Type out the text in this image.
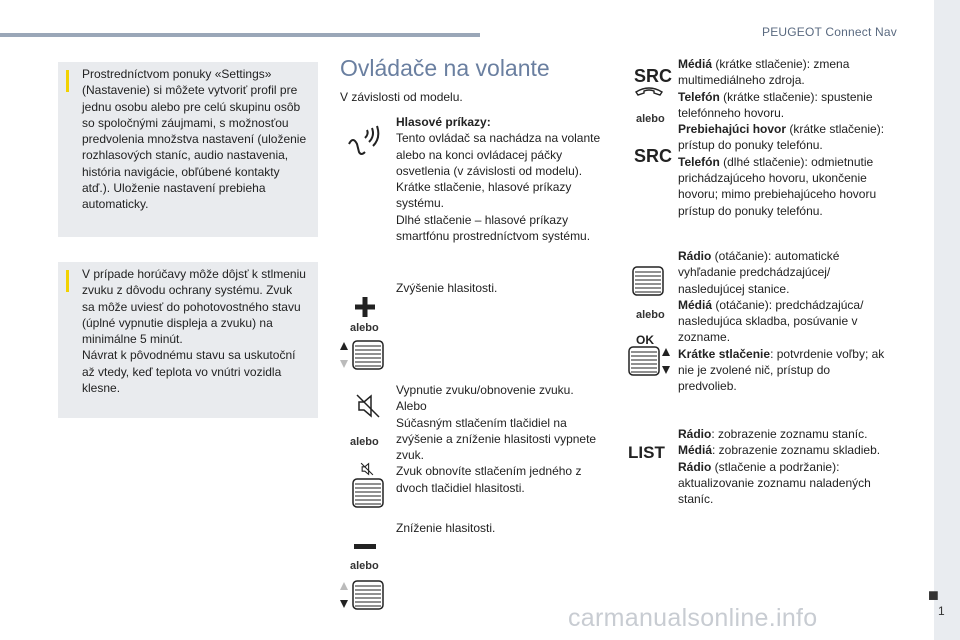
PEUGEOT Connect Nav
■
1

Prostredníctvom ponuky «Settings» (Nastavenie) si môžete vytvoriť profil pre jednu osobu alebo pre celú skupinu osôb so spoločnými záujmami, s možnosťou predvolenia množstva nastavení (uloženie rozhlasových staníc, audio nastavenia, história navigácie, obľúbené kontakty atď.). Uloženie nastavení prebieha automaticky.

V prípade horúčavy môže dôjsť k stlmeniu zvuku z dôvodu ochrany systému. Zvuk sa môže uviesť do pohotovostného stavu (úplné vypnutie displeja a zvuku) na minimálne 5 minút.

Návrat k pôvodnému stavu sa uskutoční až vtedy, keď teplota vo vnútri vozidla klesne.

Ovládače na volante
V závislosti od modelu.

Hlasové príkazy:

Tento ovládač sa nachádza na volante alebo na konci ovládacej páčky osvetlenia (v závislosti od modelu).

Krátke stlačenie, hlasové príkazy systému.

Dlhé stlačenie – hlasové príkazy smartfónu prostredníctvom systému.

alebo
Zvýšenie hlasitosti.
alebo

Vypnutie zvuku/obnovenie zvuku.

Alebo

Súčasným stlačením tlačidiel na zvýšenie a zníženie hlasitosti vypnete zvuk.

Zvuk obnovíte stlačením jedného z dvoch tlačidiel hlasitosti.

alebo
Zníženie hlasitosti.
SRC
alebo
SRC

Médiá (krátke stlačenie): zmena multimediálneho zdroja.

Telefón (krátke stlačenie): spustenie telefónneho hovoru.

Prebiehajúci hovor (krátke stlačenie): prístup do ponuky telefónu.

Telefón (dlhé stlačenie): odmietnutie prichádzajúceho hovoru, ukončenie hovoru; mimo prebiehajúceho hovoru prístup do ponuky telefónu.

alebo
OK

Rádio (otáčanie): automatické vyhľadanie predchádzajúcej/ nasledujúcej stanice.

Médiá (otáčanie): predchádzajúca/ nasledujúca skladba, posúvanie v zozname.

Krátke stlačenie: potvrdenie voľby; ak nie je zvolené nič, prístup do predvolieb.

LIST

Rádio: zobrazenie zoznamu staníc.

Médiá: zobrazenie zoznamu skladieb.

Rádio (stlačenie a podržanie): aktualizovanie zoznamu naladených staníc.

carmanualsonline.info
